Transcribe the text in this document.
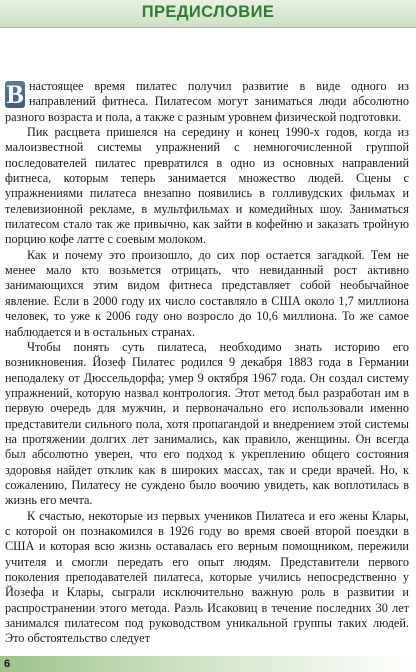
ПРЕДИСЛОВИЕ

В настоящее время пилатес получил развитие в виде одного из направлений фитнеса. Пилатесом могут заниматься люди абсолютно разного возраста и пола, а также с разным уровнем физической подготовки.

Пик расцвета пришелся на середину и конец 1990-х годов, когда из малоизвестной системы упражнений с немногочисленной группой последователей пилатес превратился в одно из основных направлений фитнеса, которым теперь занимается множество людей. Сцены с упражнениями пилатеса внезапно появились в голливудских фильмах и телевизионной рекламе, в мультфильмах и комедийных шоу. Заниматься пилатесом стало так же привычно, как зайти в кофейню и заказать тройную порцию кофе латте с соевым молоком.

Как и почему это произошло, до сих пор остается загадкой. Тем не менее мало кто возьмется отрицать, что невиданный рост активно занимающихся этим видом фитнеса представляет собой необычайное явление. Если в 2000 году их число составляло в США около 1,7 миллиона человек, то уже к 2006 году оно возросло до 10,6 миллиона. То же самое наблюдается и в остальных странах.

Чтобы понять суть пилатеса, необходимо знать историю его возникновения. Йозеф Пилатес родился 9 декабря 1883 года в Германии неподалеку от Дюссельдорфа; умер 9 октября 1967 года. Он создал систему упражнений, которую назвал контрология. Этот метод был разработан им в первую очередь для мужчин, и первоначально его использовали именно представители сильного пола, хотя пропагандой и внедрением этой системы на протяжении долгих лет занимались, как правило, женщины. Он всегда был абсолютно уверен, что его подход к укреплению общего состояния здоровья найдет отклик как в широких массах, так и среди врачей. Но, к сожалению, Пилатесу не суждено было воочию увидеть, как воплотилась в жизнь его мечта.

К счастью, некоторые из первых учеников Пилатеса и его жены Клары, с которой он познакомился в 1926 году во время своей второй поездки в США и которая всю жизнь оставалась его верным помощником, пережили учителя и смогли передать его опыт людям. Представители первого поколения преподавателей пилатеса, которые учились непосредственно у Йозефа и Клары, сыграли исключительно важную роль в развитии и распространении этого метода. Раэль Исаковиц в течение последних 30 лет занимался пилатесом под руководством уникальной группы таких людей. Это обстоятельство следует

6
